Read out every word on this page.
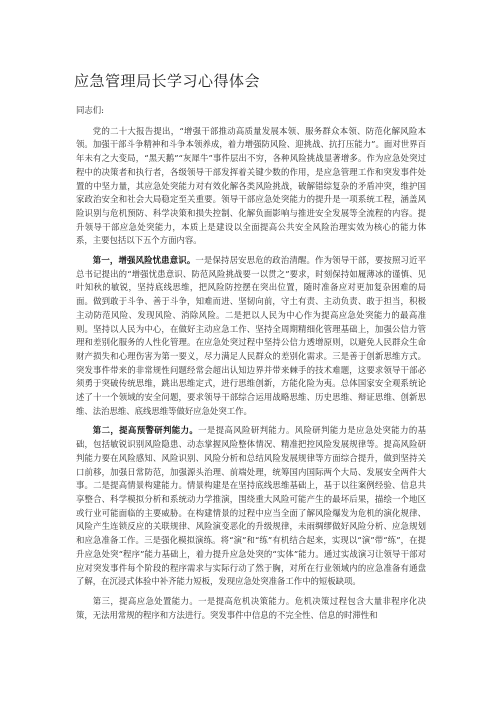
应急管理局长学习心得体会

同志们:

党的二十大报告提出，“增强干部推动高质量发展本领、服务群众本领、防范化解风险本领。加强干部斗争精神和斗争本领养成，着力增强防风险、迎挑战、抗打压能力”。面对世界百年未有之大变局，“黑天鹅”“灰犀牛”事件层出不穷，各种风险挑战显著增多。作为应急处突过程中的决策者和执行者，各级领导干部发挥着关键少数的作用，是应急管理工作和突发事件处置的中坚力量，其应急处突能力对有效化解各类风险挑战，破解错综复杂的矛盾冲突，维护国家政治安全和社会大局稳定至关重要。领导干部应急处突能力的提升是一项系统工程，涵盖风险识别与危机预防、科学决策和损失控制、化解负面影响与推进安全发展等全流程的内容。提升领导干部应急处突能力，本质上是建设以全面提高公共安全风险治理实效为核心的能力体系，主要包括以下五个方面内容。

第一，增强风险忧患意识。一是保持居安思危的政治清醒。作为领导干部，要按照习近平总书记提出的“增强忧患意识、防范风险挑战要一以贯之”要求，时刻保持如履薄冰的谨慎、见叶知秋的敏锐，坚持底线思维，把风险防控摆在突出位置，随时准备应对更加复杂困难的局面。做到敢于斗争、善于斗争，知难而进、坚韧向前，守土有责、主动负责、敢于担当，积极主动防范风险、发现风险、消除风险。二是把以人民为中心作为提高应急处突能力的最高准则。坚持以人民为中心，在做好主动应急工作、坚持全周期精细化管理基础上，加强公信力管理和差别化服务的人性化管理。在应急处突过程中坚持公信力透增原则，以避免人民群众生命财产损失和心理伤害为第一要义，尽力满足人民群众的差别化需求。三是善于创新思维方式。突发事件带来的非常规性问题经常会超出认知边界并带来棘手的技术难题，这要求领导干部必须勇于突破传统思维，跳出思维定式，进行思维创新，方能化险为夷。总体国家安全观系统论述了十一个领域的安全问题，要求领导干部综合运用战略思维、历史思维、辩证思维、创新思维、法治思维、底线思维等做好应急处突工作。

第二，提高预警研判能力。一是提高风险研判能力。风险研判能力是应急处突能力的基础，包括敏锐识别风险隐患、动态掌握风险整体情况、精准把控风险发展规律等。提高风险研判能力要在风险感知、风险识别、风险分析和总结风险发展规律等方面综合提升，做到坚持关口前移，加强日常防范，加强源头治理、前端处理，统筹国内国际两个大局、发展安全两件大事。二是提高情景构建能力。情景构建是在坚持底线思维基础上，基于以往案例经验、信息共享整合、科学模拟分析和系统动力学推演，围绕重大风险可能产生的最坏后果，描绘一个地区或行业可能面临的主要威胁。在构建情景的过程中应当全面了解风险爆发为危机的演化规律、风险产生连锁反应的关联规律、风险演变恶化的升级规律，未雨绸缪做好风险分析、应急规划和应急准备工作。三是强化模拟演练。将“演”和“练”有机结合起来，实现以“演”带“练”，在提升应急处突“程序”能力基础上，着力提升应急处突的“实体”能力。通过实战演习让领导干部对应对突发事件每个阶段的程序需求与实际行动了然于胸，对所在行业领域内的应急准备有通盘了解，在沉浸式体验中补齐能力短板，发现应急处突准备工作中的短板缺项。

第三，提高应急处置能力。一是提高危机决策能力。危机决策过程包含大量非程序化决策，无法用常规的程序和方法进行。突发事件中信息的不完全性、信息的时滞性和
